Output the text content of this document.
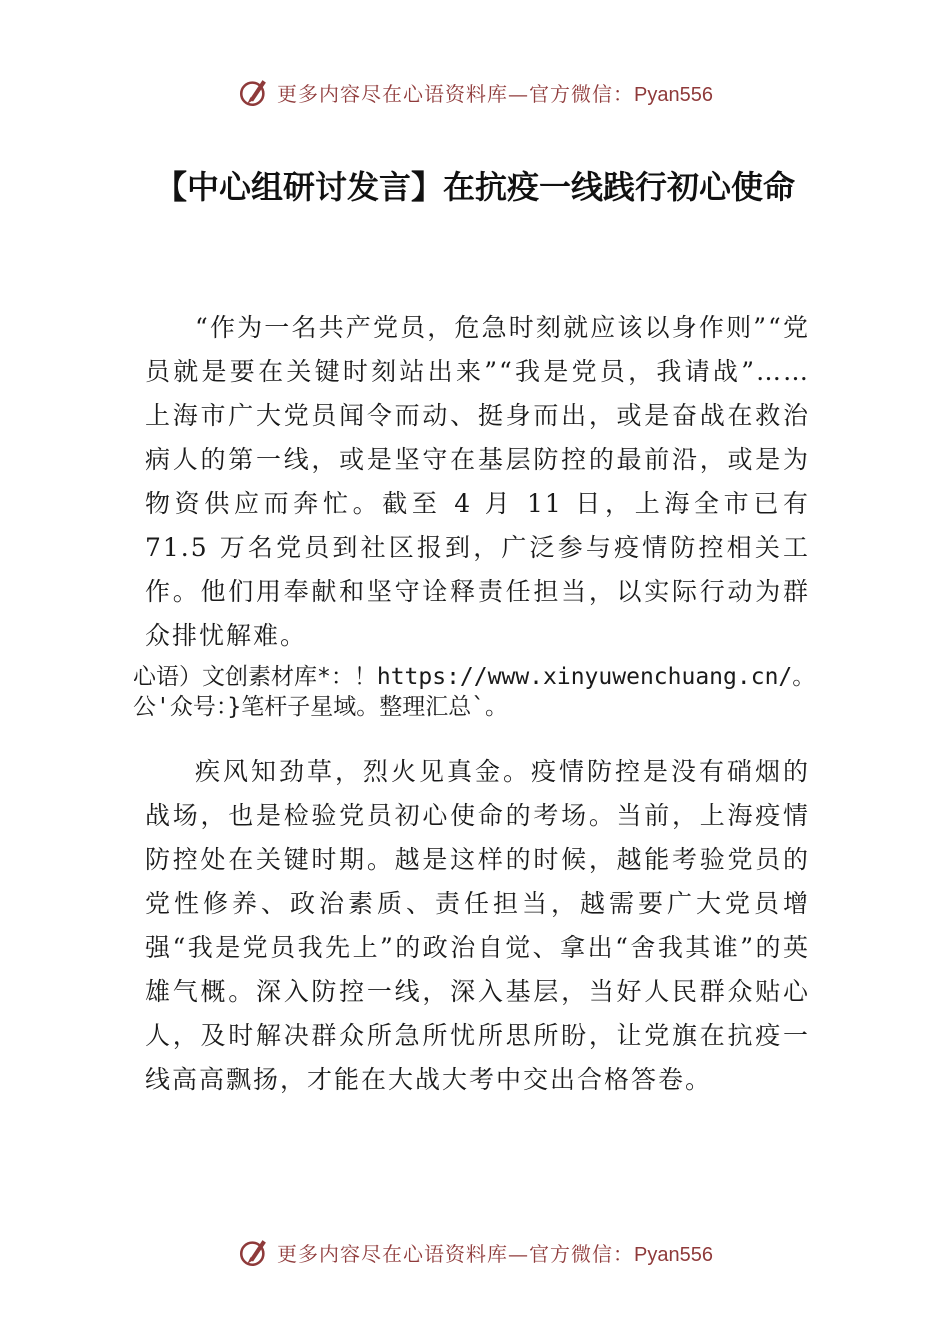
更多内容尽在心语资料库—官方微信：Pyan556
【中心组研讨发言】在抗疫一线践行初心使命

“作为一名共产党员，危急时刻就应该以身作则”“党员就是要在关键时刻站出来”“我是党员，我请战”……上海市广大党员闻令而动、挺身而出，或是奋战在救治病人的第一线，或是坚守在基层防控的最前沿，或是为物资供应而奔忙。截至 4 月 11 日，上海全市已有 71.5 万名党员到社区报到，广泛参与疫情防控相关工作。他们用奉献和坚守诠释责任担当，以实际行动为群众排忧解难。

心语）文创素材库*：！https://www.xinyuwenchuang.cn/。公'众号：}笔杆子星域。整理汇总`。

疾风知劲草，烈火见真金。疫情防控是没有硝烟的战场，也是检验党员初心使命的考场。当前，上海疫情防控处在关键时期。越是这样的时候，越能考验党员的党性修养、政治素质、责任担当，越需要广大党员增强“我是党员我先上”的政治自觉、拿出“舍我其谁”的英雄气概。深入防控一线，深入基层，当好人民群众贴心人，及时解决群众所急所忧所思所盼，让党旗在抗疫一线高高飘扬，才能在大战大考中交出合格答卷。

更多内容尽在心语资料库—官方微信：Pyan556
